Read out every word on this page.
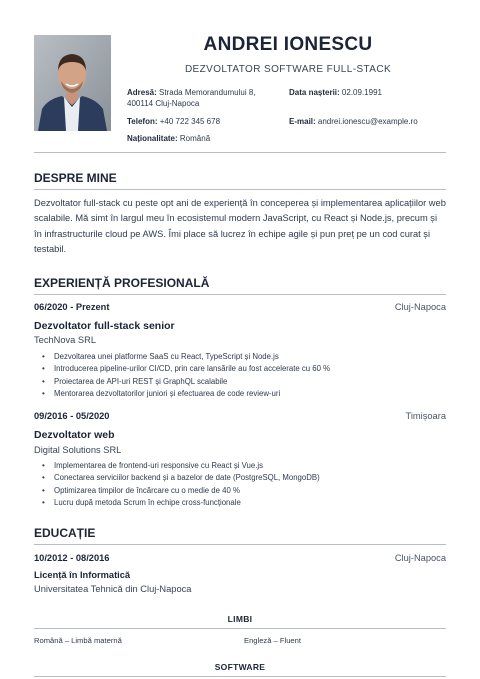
ANDREI IONESCU
DEZVOLTATOR SOFTWARE FULL-STACK
Adresă: Strada Memorandumului 8, 400114 Cluj-Napoca
Data nașterii: 02.09.1991
Telefon: +40 722 345 678	E-mail: andrei.ionescu@example.ro
Naționalitate: Română
DESPRE MINE
Dezvoltator full-stack cu peste opt ani de experiență în conceperea și implementarea aplicațiilor web scalabile. Mă simt în largul meu în ecosistemul modern JavaScript, cu React și Node.js, precum și în infrastructurile cloud pe AWS. Îmi place să lucrez în echipe agile și pun preț pe un cod curat și testabil.
EXPERIENȚĂ PROFESIONALĂ
06/2020 - Prezent	Cluj-Napoca
Dezvoltator full-stack senior
TechNova SRL
• Dezvoltarea unei platforme SaaS cu React, TypeScript și Node.js
• Introducerea pipeline-urilor CI/CD, prin care lansările au fost accelerate cu 60 %
• Proiectarea de API-uri REST și GraphQL scalabile
• Mentorarea dezvoltatorilor juniori și efectuarea de code review-uri
09/2016 - 05/2020	Timișoara
Dezvoltator web
Digital Solutions SRL
• Implementarea de frontend-uri responsive cu React și Vue.js
• Conectarea serviciilor backend și a bazelor de date (PostgreSQL, MongoDB)
• Optimizarea timpilor de încărcare cu o medie de 40 %
• Lucru după metoda Scrum în echipe cross-funcționale
EDUCAȚIE
10/2012 - 08/2016	Cluj-Napoca
Licență în Informatică
Universitatea Tehnică din Cluj-Napoca
LIMBI
Română – Limbă maternă	Engleză – Fluent
SOFTWARE
